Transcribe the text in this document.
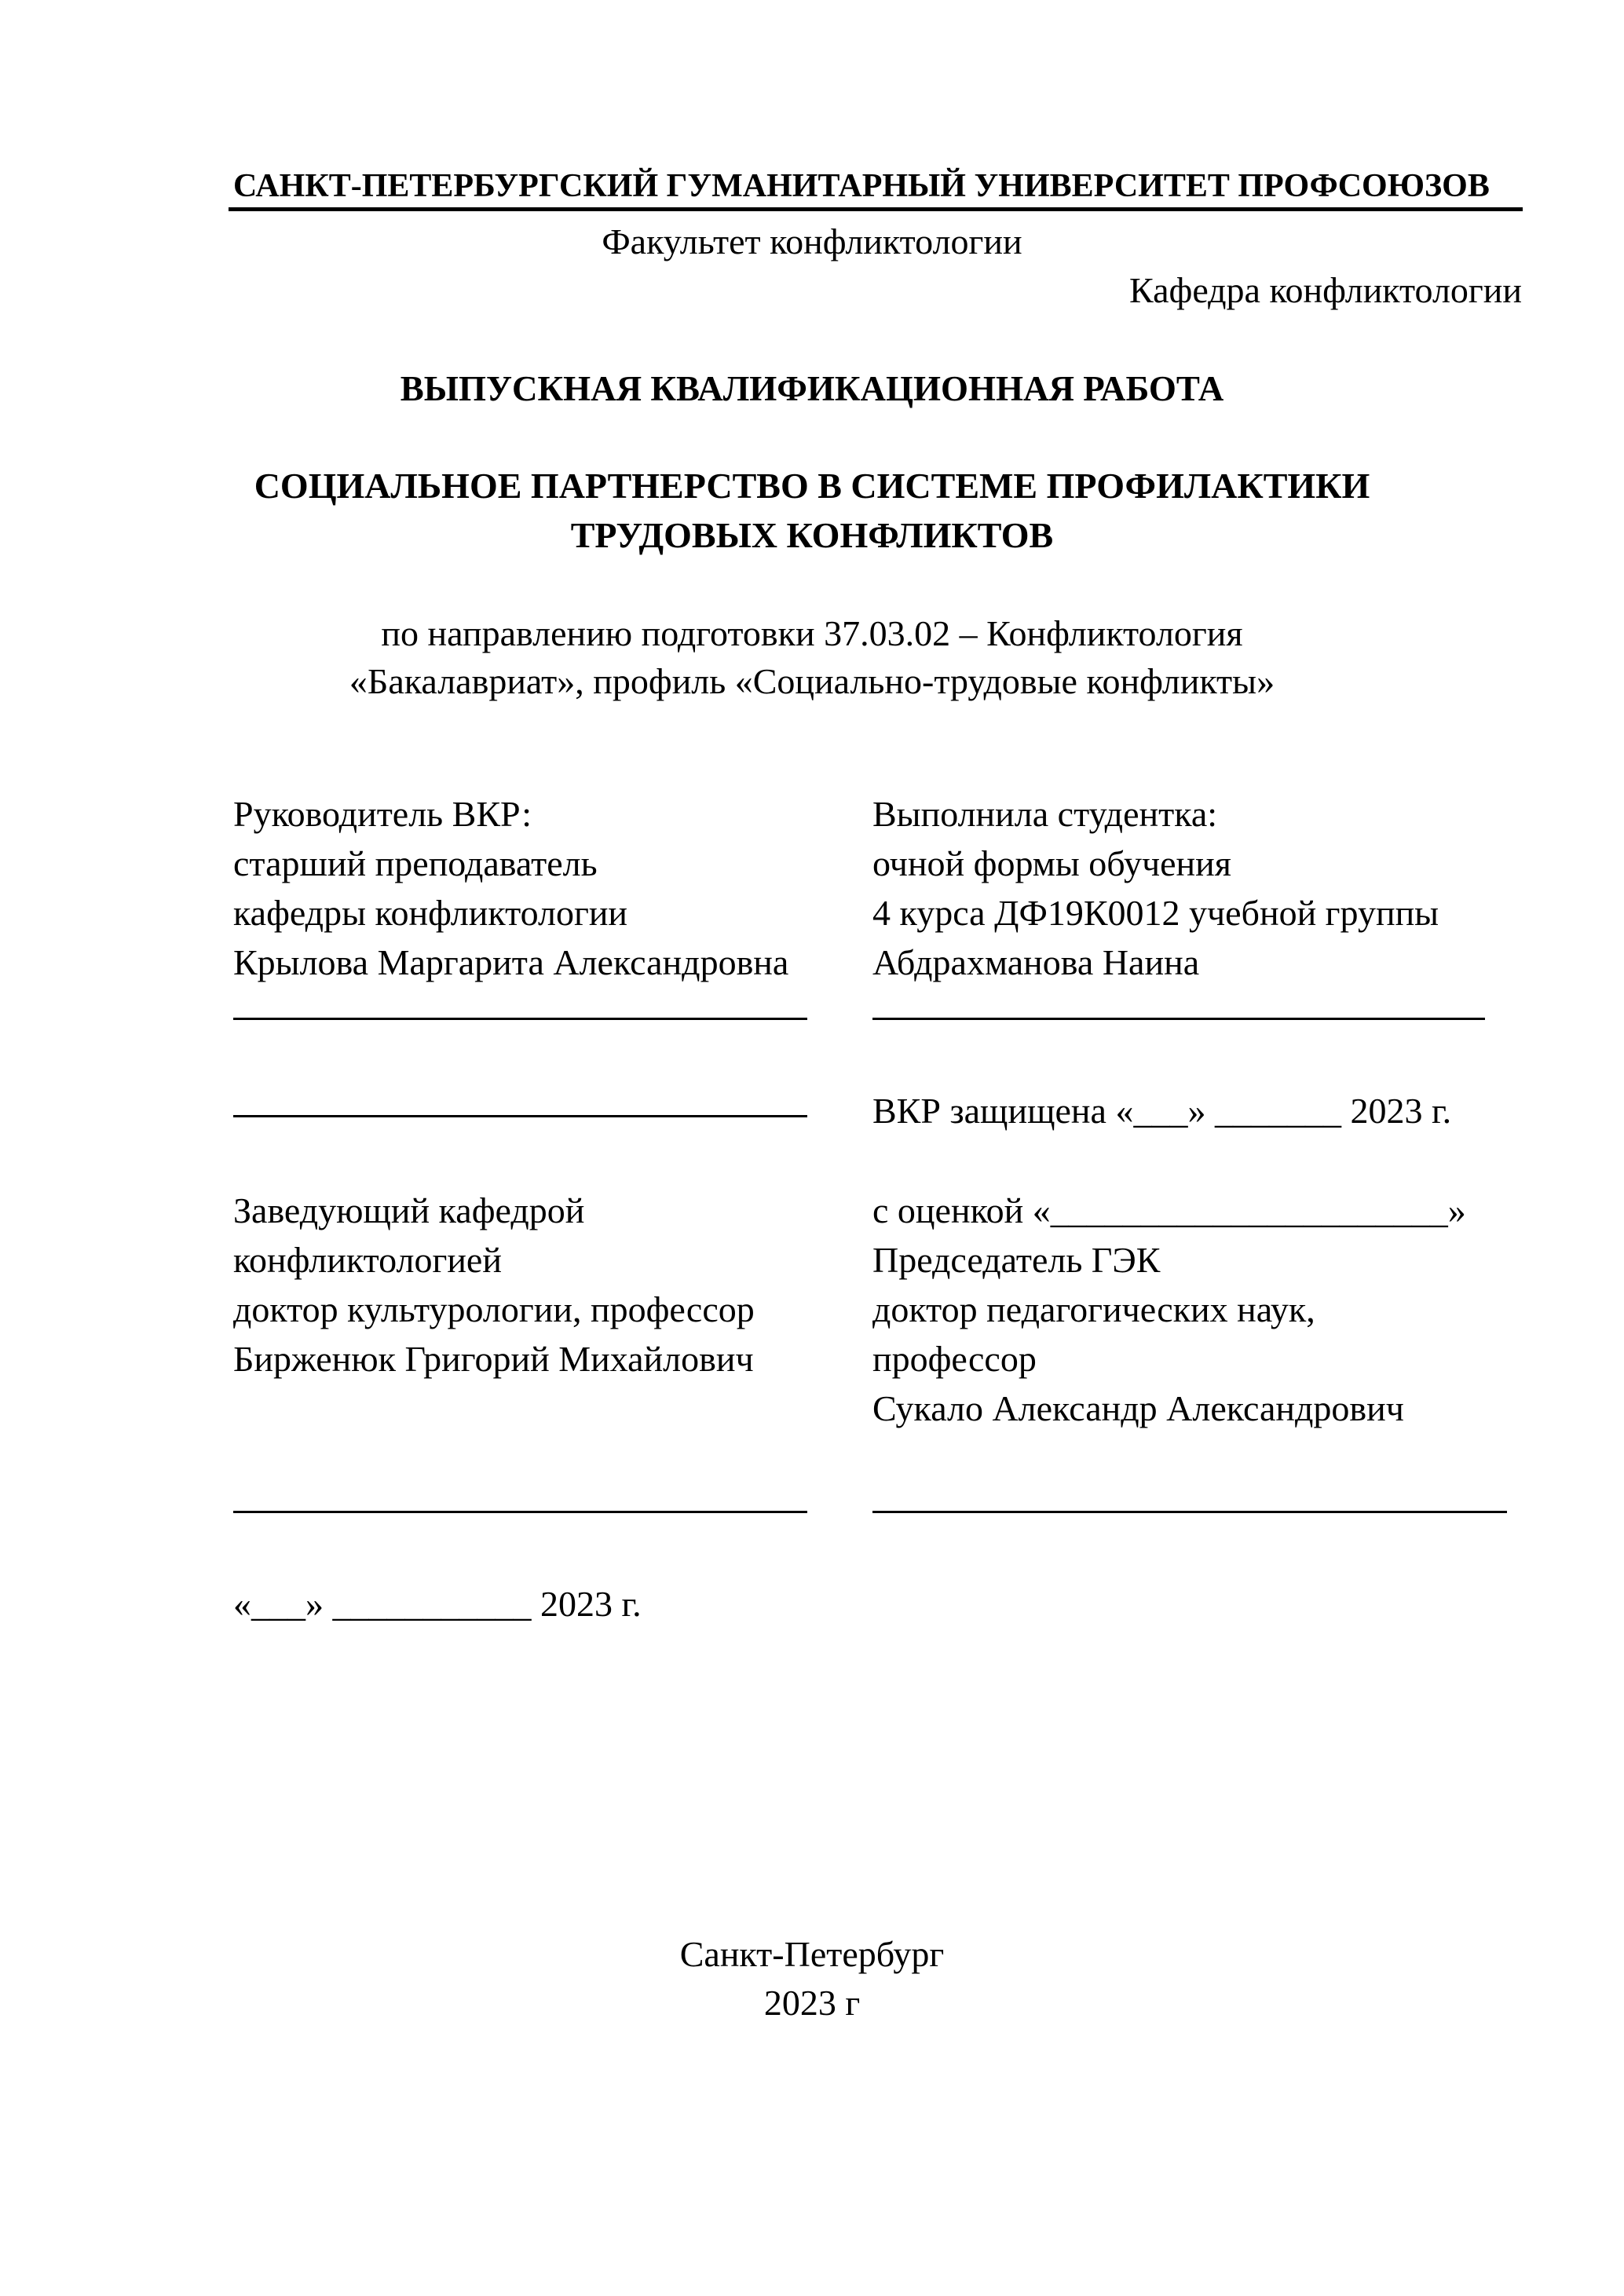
САНКТ-ПЕТЕРБУРГСКИЙ ГУМАНИТАРНЫЙ УНИВЕРСИТЕТ ПРОФСОЮЗОВ
Факультет конфликтологии
Кафедра конфликтологии
ВЫПУСКНАЯ КВАЛИФИКАЦИОННАЯ РАБОТА
СОЦИАЛЬНОЕ ПАРТНЕРСТВО В СИСТЕМЕ ПРОФИЛАКТИКИ
ТРУДОВЫХ КОНФЛИКТОВ
по направлению подготовки 37.03.02 – Конфликтология
«Бакалавриат», профиль «Социально-трудовые конфликты»
Руководитель ВКР:
старший преподаватель
кафедры конфликтологии
Крылова Маргарита Александровна
Выполнила студентка:
очной формы обучения
4 курса ДФ19К0012 учебной группы
Абдрахманова Наина
ВКР защищена «___» _______ 2023 г.
Заведующий кафедрой
конфликтологией
доктор культурологии, профессор
Бирженюк Григорий Михайлович
с оценкой «______________________»
Председатель ГЭК
доктор педагогических наук,
профессор
Сукало Александр Александрович
«___» ___________ 2023 г.
Санкт-Петербург
2023 г
